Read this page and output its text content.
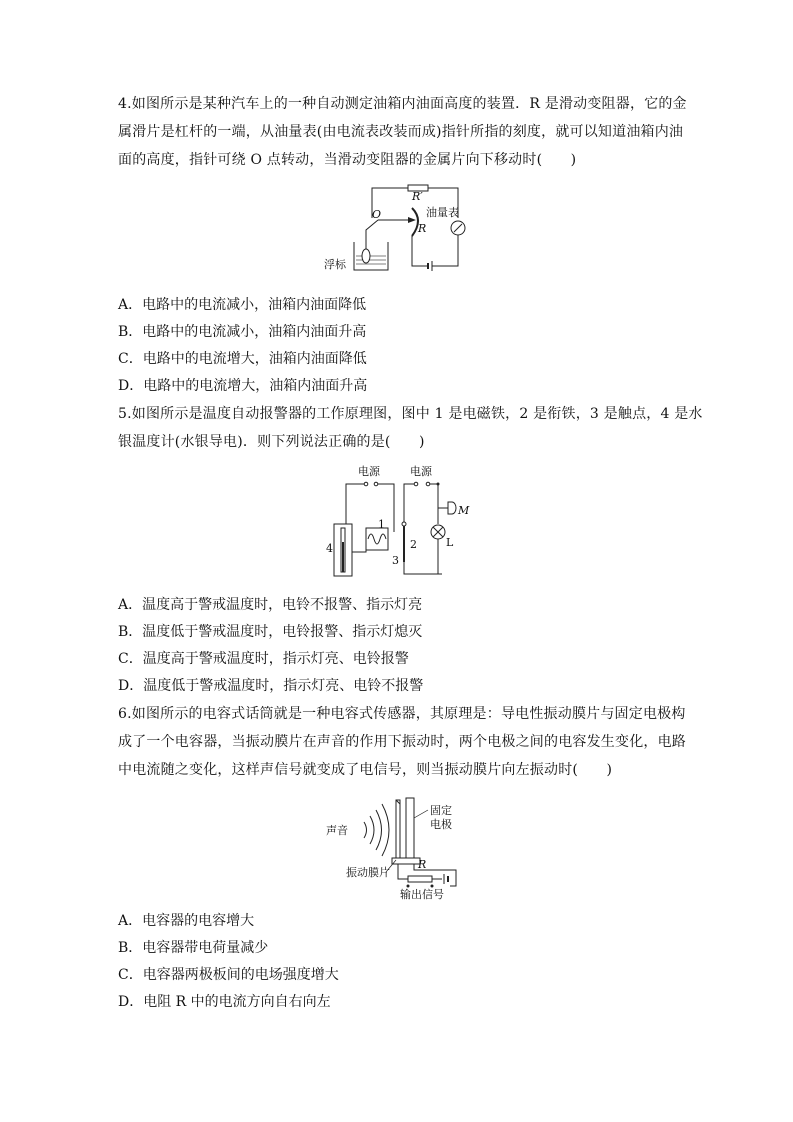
4.如图所示是某种汽车上的一种自动测定油箱内油面高度的装置．R 是滑动变阻器，它的金
属滑片是杠杆的一端，从油量表(由电流表改装而成)指针所指的刻度，就可以知道油箱内油
面的高度，指针可绕 O 点转动，当滑动变阻器的金属片向下移动时(　　)
R′
O	油量表
R
浮标
A．电路中的电流减小，油箱内油面降低
B．电路中的电流减小，油箱内油面升高
C．电路中的电流增大，油箱内油面降低
D．电路中的电流增大，油箱内油面升高
5.如图所示是温度自动报警器的工作原理图，图中 1 是电磁铁，2 是衔铁，3 是触点，4 是水
银温度计(水银导电)．则下列说法正确的是(　　)
电源
4
1
电源
2
3
M
L
A．温度高于警戒温度时，电铃不报警、指示灯亮
B．温度低于警戒温度时，电铃报警、指示灯熄灭
C．温度高于警戒温度时，指示灯亮、电铃报警
D．温度低于警戒温度时，指示灯亮、电铃不报警
6.如图所示的电容式话筒就是一种电容式传感器，其原理是：导电性振动膜片与固定电极构
成了一个电容器，当振动膜片在声音的作用下振动时，两个电极之间的电容发生变化，电路
中电流随之变化，这样声信号就变成了电信号，则当振动膜片向左振动时(　　)
声音
固定
电极
R
振动膜片
输出信号
A．电容器的电容增大
B．电容器带电荷量减少
C．电容器两极板间的电场强度增大
D．电阻 R 中的电流方向自右向左
